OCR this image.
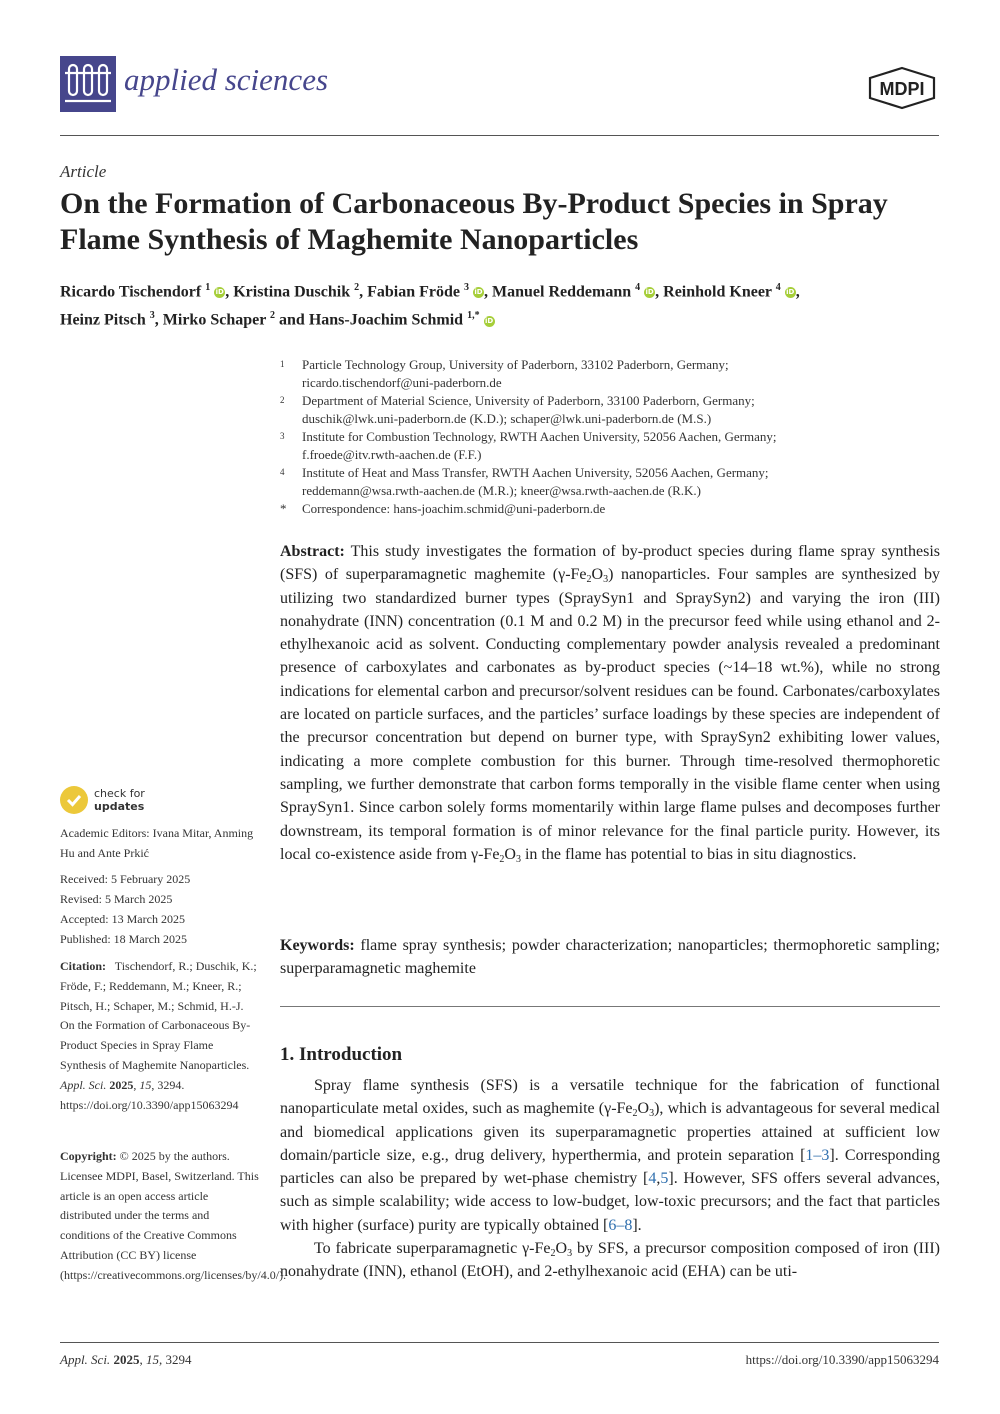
applied sciences	MDPI
Article
On the Formation of Carbonaceous By-Product Species in Spray Flame Synthesis of Maghemite Nanoparticles
Ricardo Tischendorf $^1$ iD, Kristina Duschik $^2$, Fabian Fröde $^3$ iD, Manuel Reddemann $^4$ iD, Reinhold Kneer $^4$ iD,
Heinz Pitsch $^3$, Mirko Schaper $^2$ and Hans-Joachim Schmid $^{1,*}$ iD
1 Particle Technology Group, University of Paderborn, 33102 Paderborn, Germany;
ricardo.tischendorf@uni-paderborn.de
2 Department of Material Science, University of Paderborn, 33100 Paderborn, Germany;
duschik@lwk.uni-paderborn.de (K.D.); schaper@lwk.uni-paderborn.de (M.S.)
3 Institute for Combustion Technology, RWTH Aachen University, 52056 Aachen, Germany;
f.froede@itv.rwth-aachen.de (F.F.)
4 Institute of Heat and Mass Transfer, RWTH Aachen University, 52056 Aachen, Germany;
reddemann@wsa.rwth-aachen.de (M.R.); kneer@wsa.rwth-aachen.de (R.K.)
* Correspondence: hans-joachim.schmid@uni-paderborn.de

Abstract: This study investigates the formation of by-product species during flame spray synthesis (SFS) of superparamagnetic maghemite $(\gamma-Fe_2O_3)$ nanoparticles. Four samples are synthesized by utilizing two standardized burner types (SpraySyn1 and SpraySyn2) and varying the iron (III) nonahydrate (INN) concentration (0.1 M and 0.2 M) in the precursor feed while using ethanol and 2-ethylhexanoic acid as solvent. Conducting complementary powder analysis revealed a predominant presence of carboxylates and carbonates as by-product species (~14–18 wt.%), while no strong indications for elemental carbon and precursor/solvent residues can be found. Carbonates/carboxylates are located on particle surfaces, and the particles’ surface loadings by these species are independent of the precursor concentration but depend on burner type, with SpraySyn2 exhibiting lower values, indicating a more complete combustion for this burner. Through time-resolved thermophoretic sampling, we further demonstrate that carbon forms temporally in the visible flame center when using SpraySyn1. Since carbon solely forms momentarily within large flame pulses and decomposes further downstream, its temporal formation is of minor relevance for the final particle purity. However, its local co-existence aside from $\gamma-Fe_2O_3$ in the flame has potential to bias in situ diagnostics.

Keywords: flame spray synthesis; powder characterization; nanoparticles; thermophoretic sampling; superparamagnetic maghemite

1. Introduction

Spray flame synthesis (SFS) is a versatile technique for the fabrication of functional nanoparticulate metal oxides, such as maghemite $(\gamma-Fe_2O_3)$, which is advantageous for several medical and biomedical applications given its superparamagnetic properties attained at sufficient low domain/particle size, e.g., drug delivery, hyperthermia, and protein separation [1–3]. Corresponding particles can also be prepared by wet-phase chemistry [4,5]. However, SFS offers several advances, such as simple scalability; wide access to low-budget, low-toxic precursors; and the fact that particles with higher (surface) purity are typically obtained [6–8].

To fabricate superparamagnetic $\gamma-Fe_2O_3$ by SFS, a precursor composition composed of iron (III) nonahydrate (INN), ethanol (EtOH), and 2-ethylhexanoic acid (EHA) can be uti-

check for
updates
Academic Editors: Ivana Mitar, Anming Hu and Ante Prkić
Received: 5 February 2025
Revised: 5 March 2025
Accepted: 13 March 2025
Published: 18 March 2025
Citation: Tischendorf, R.; Duschik, K.; Fröde, F.; Reddemann, M.; Kneer, R.; Pitsch, H.; Schaper, M.; Schmid, H.-J. On the Formation of Carbonaceous By-Product Species in Spray Flame Synthesis of Maghemite Nanoparticles. Appl. Sci. 2025, 15, 3294. https://doi.org/10.3390/app15063294
Copyright: © 2025 by the authors. Licensee MDPI, Basel, Switzerland. This article is an open access article distributed under the terms and conditions of the Creative Commons Attribution (CC BY) license (https://creativecommons.org/licenses/by/4.0/).
Appl. Sci. 2025, 15, 3294	https://doi.org/10.3390/app15063294
